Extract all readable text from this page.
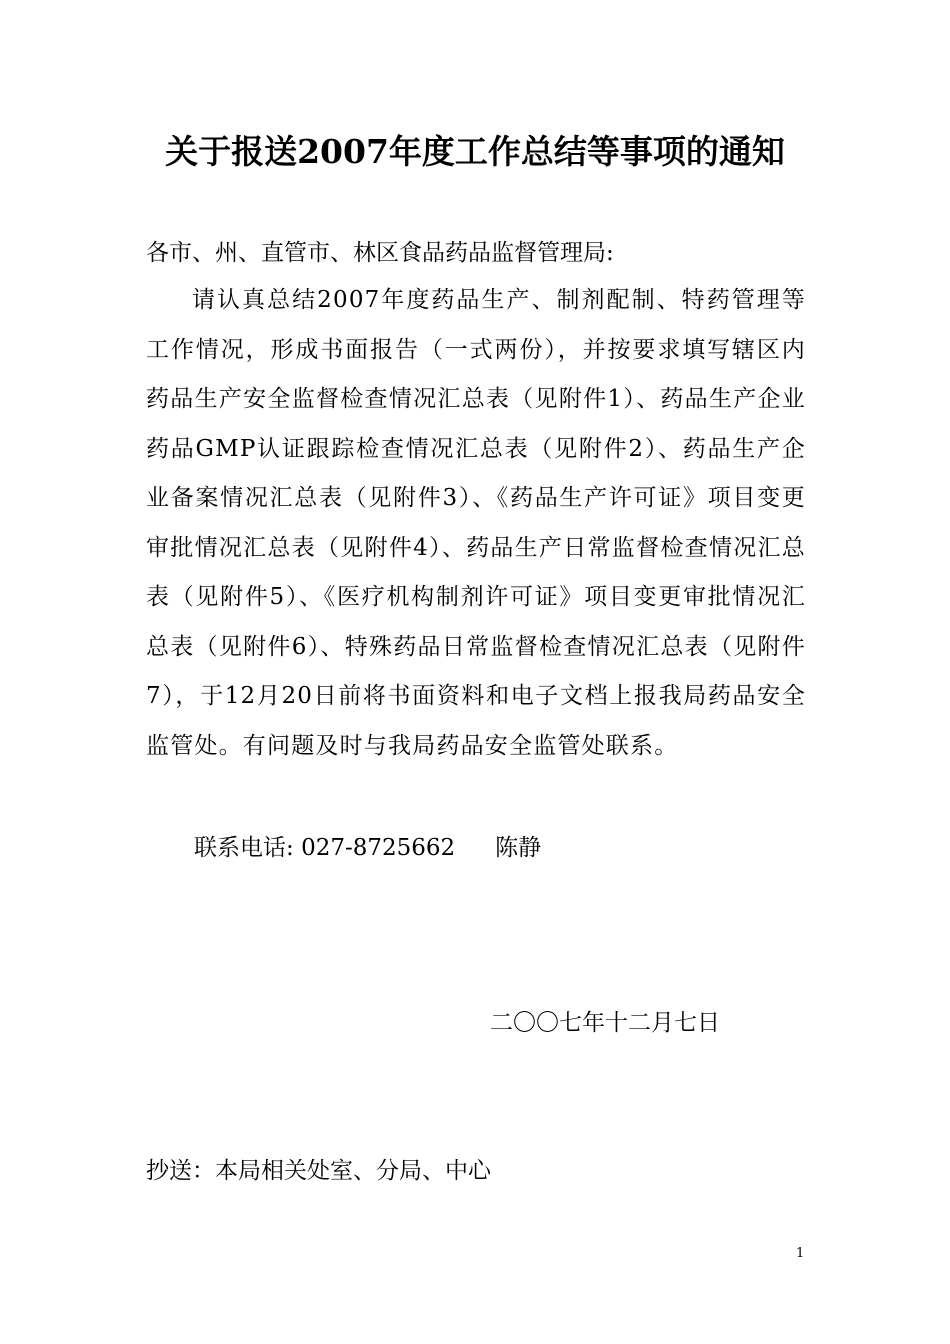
关于报送2007年度工作总结等事项的通知
各市、州、直管市、林区食品药品监督管理局:

请认真总结2007年度药品生产、制剂配制、特药管理等工作情况，形成书面报告（一式两份），并按要求填写辖区内药品生产安全监督检查情况汇总表（见附件1）、药品生产企业药品GMP认证跟踪检查情况汇总表（见附件2）、药品生产企业备案情况汇总表（见附件3）、《药品生产许可证》项目变更审批情况汇总表（见附件4）、药品生产日常监督检查情况汇总表（见附件5）、《医疗机构制剂许可证》项目变更审批情况汇总表（见附件6）、特殊药品日常监督检查情况汇总表（见附件7），于12月20日前将书面资料和电子文档上报我局药品安全监管处。有问题及时与我局药品安全监管处联系。

联系电话: 027-8725662 陈静
二〇〇七年十二月七日
抄送：本局相关处室、分局、中心
1
